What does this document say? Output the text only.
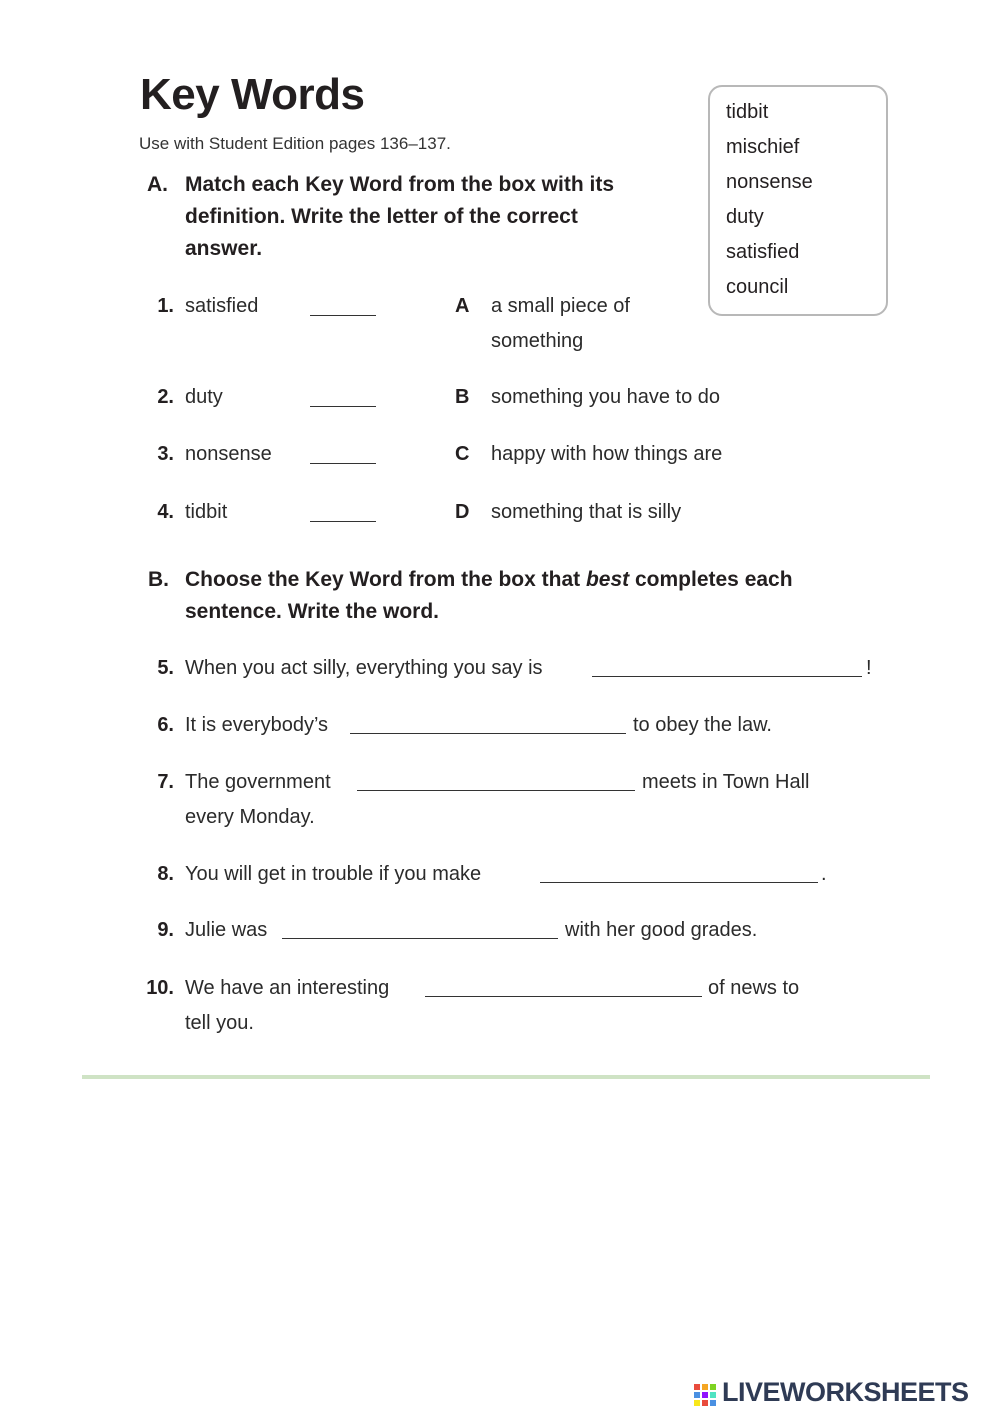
Key Words
Use with Student Edition pages 136–137.
tidbit
mischief
nonsense
duty
satisfied
council
A. Match each Key Word from the box with its definition. Write the letter of the correct answer.
1. satisfied	A a small piece of something
2. duty	B something you have to do
3. nonsense	C happy with how things are
4. tidbit	D something that is silly
B. Choose the Key Word from the box that best completes each sentence. Write the word.
5. When you act silly, everything you say is	!
6. It is everybody’s	to obey the law.
7. The government	meets in Town Hall
every Monday.
8. You will get in trouble if you make	.
9. Julie was	with her good grades.
10. We have an interesting	of news to
tell you.
LIVEWORKSHEETS
